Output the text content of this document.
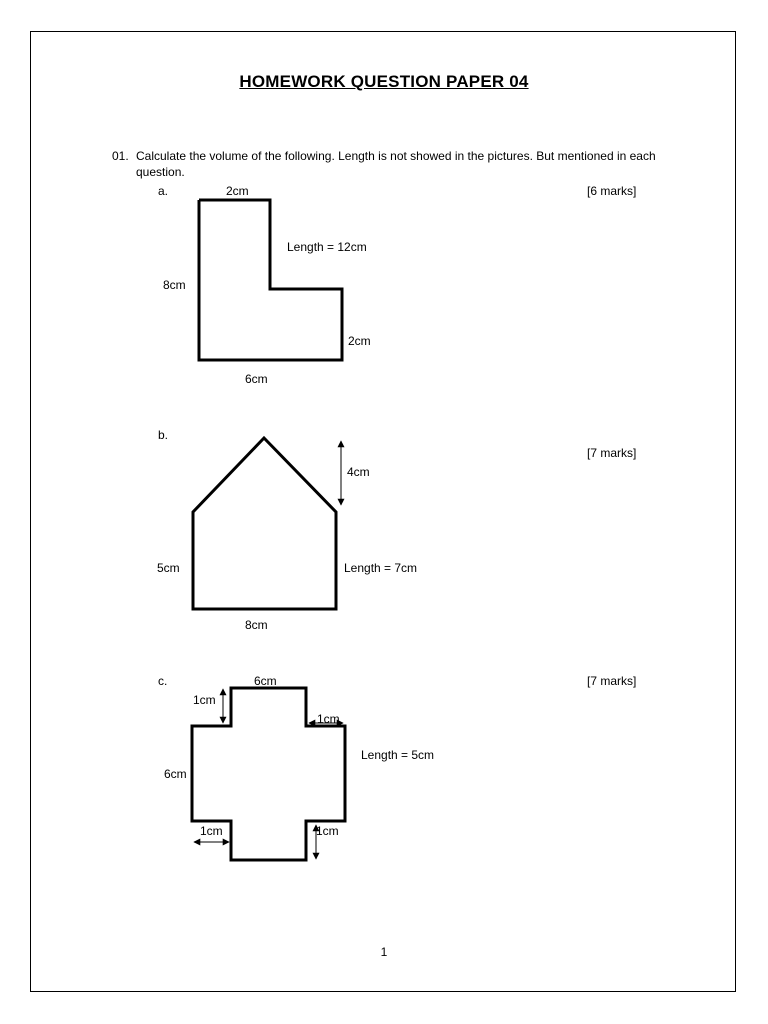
HOMEWORK QUESTION PAPER 04
01. Calculate the volume of the following. Length is not showed in the pictures. But mentioned in each question.
a.	[6 marks]
2cm
8cm
2cm
6cm
Length = 12cm
b.
[7 marks]
4cm
5cm
8cm
Length = 7cm
c.	[7 marks]
6cm
1cm
1cm
6cm
1cm	1cm
Length = 5cm
1
